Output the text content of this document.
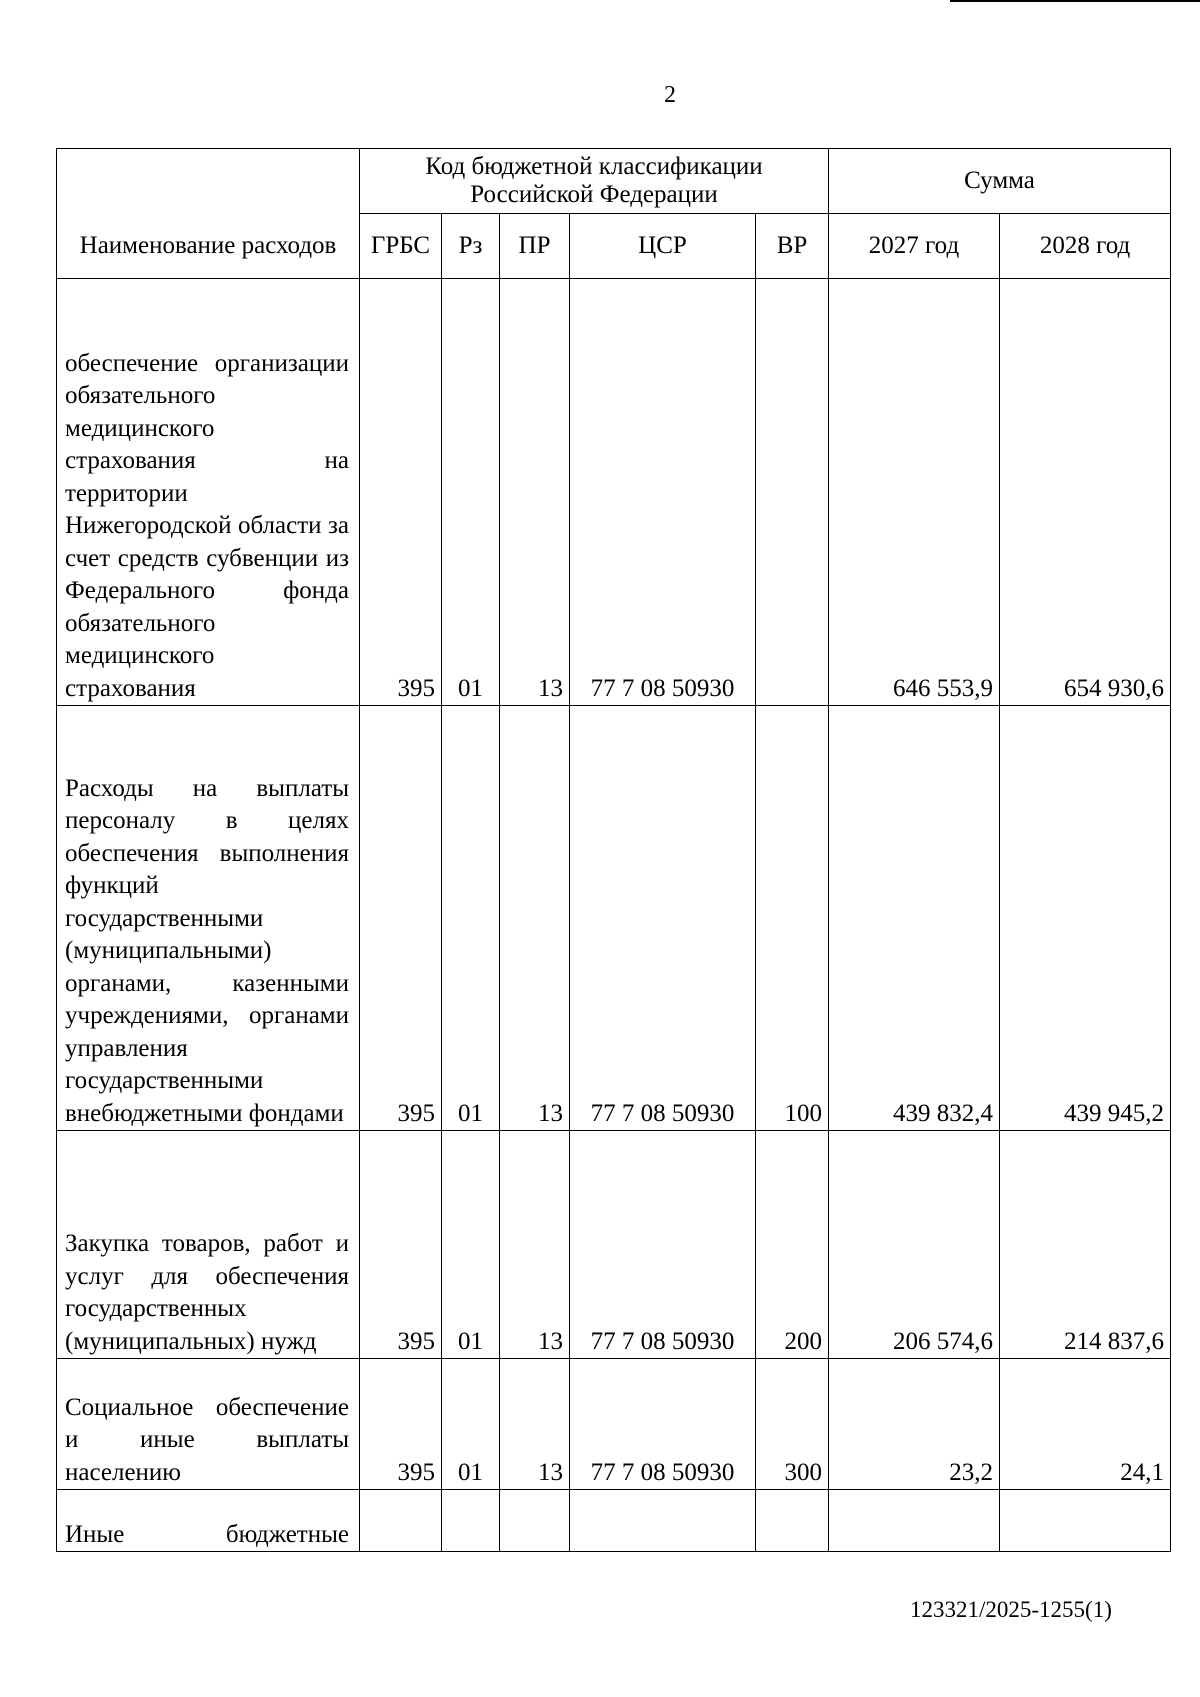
2
Наименование расходов	Код бюджетной классификации Российской Федерации					Сумма	
	ГРБС	Рз	ПР	ЦСР	ВР	2027 год	2028 год

обеспечение организации обязательного медицинского страхования на территории Нижегородской области за счет средств субвенции из Федерального фонда обязательного медицинского страхования	395	01	13	77 7 08 50930		646 553,9	654 930,6

Расходы на выплаты персоналу в целях обеспечения выполнения функций государственными (муниципальными) органами, казенными учреждениями, органами управления государственными внебюджетными фондами	395	01	13	77 7 08 50930	100	439 832,4	439 945,2

Закупка товаров, работ и услуг для обеспечения государственных (муниципальных) нужд	395	01	13	77 7 08 50930	200	206 574,6	214 837,6

Социальное обеспечение и иные выплаты населению	395	01	13	77 7 08 50930	300	23,2	24,1

Иные бюджетные							

123321/2025-1255(1)
